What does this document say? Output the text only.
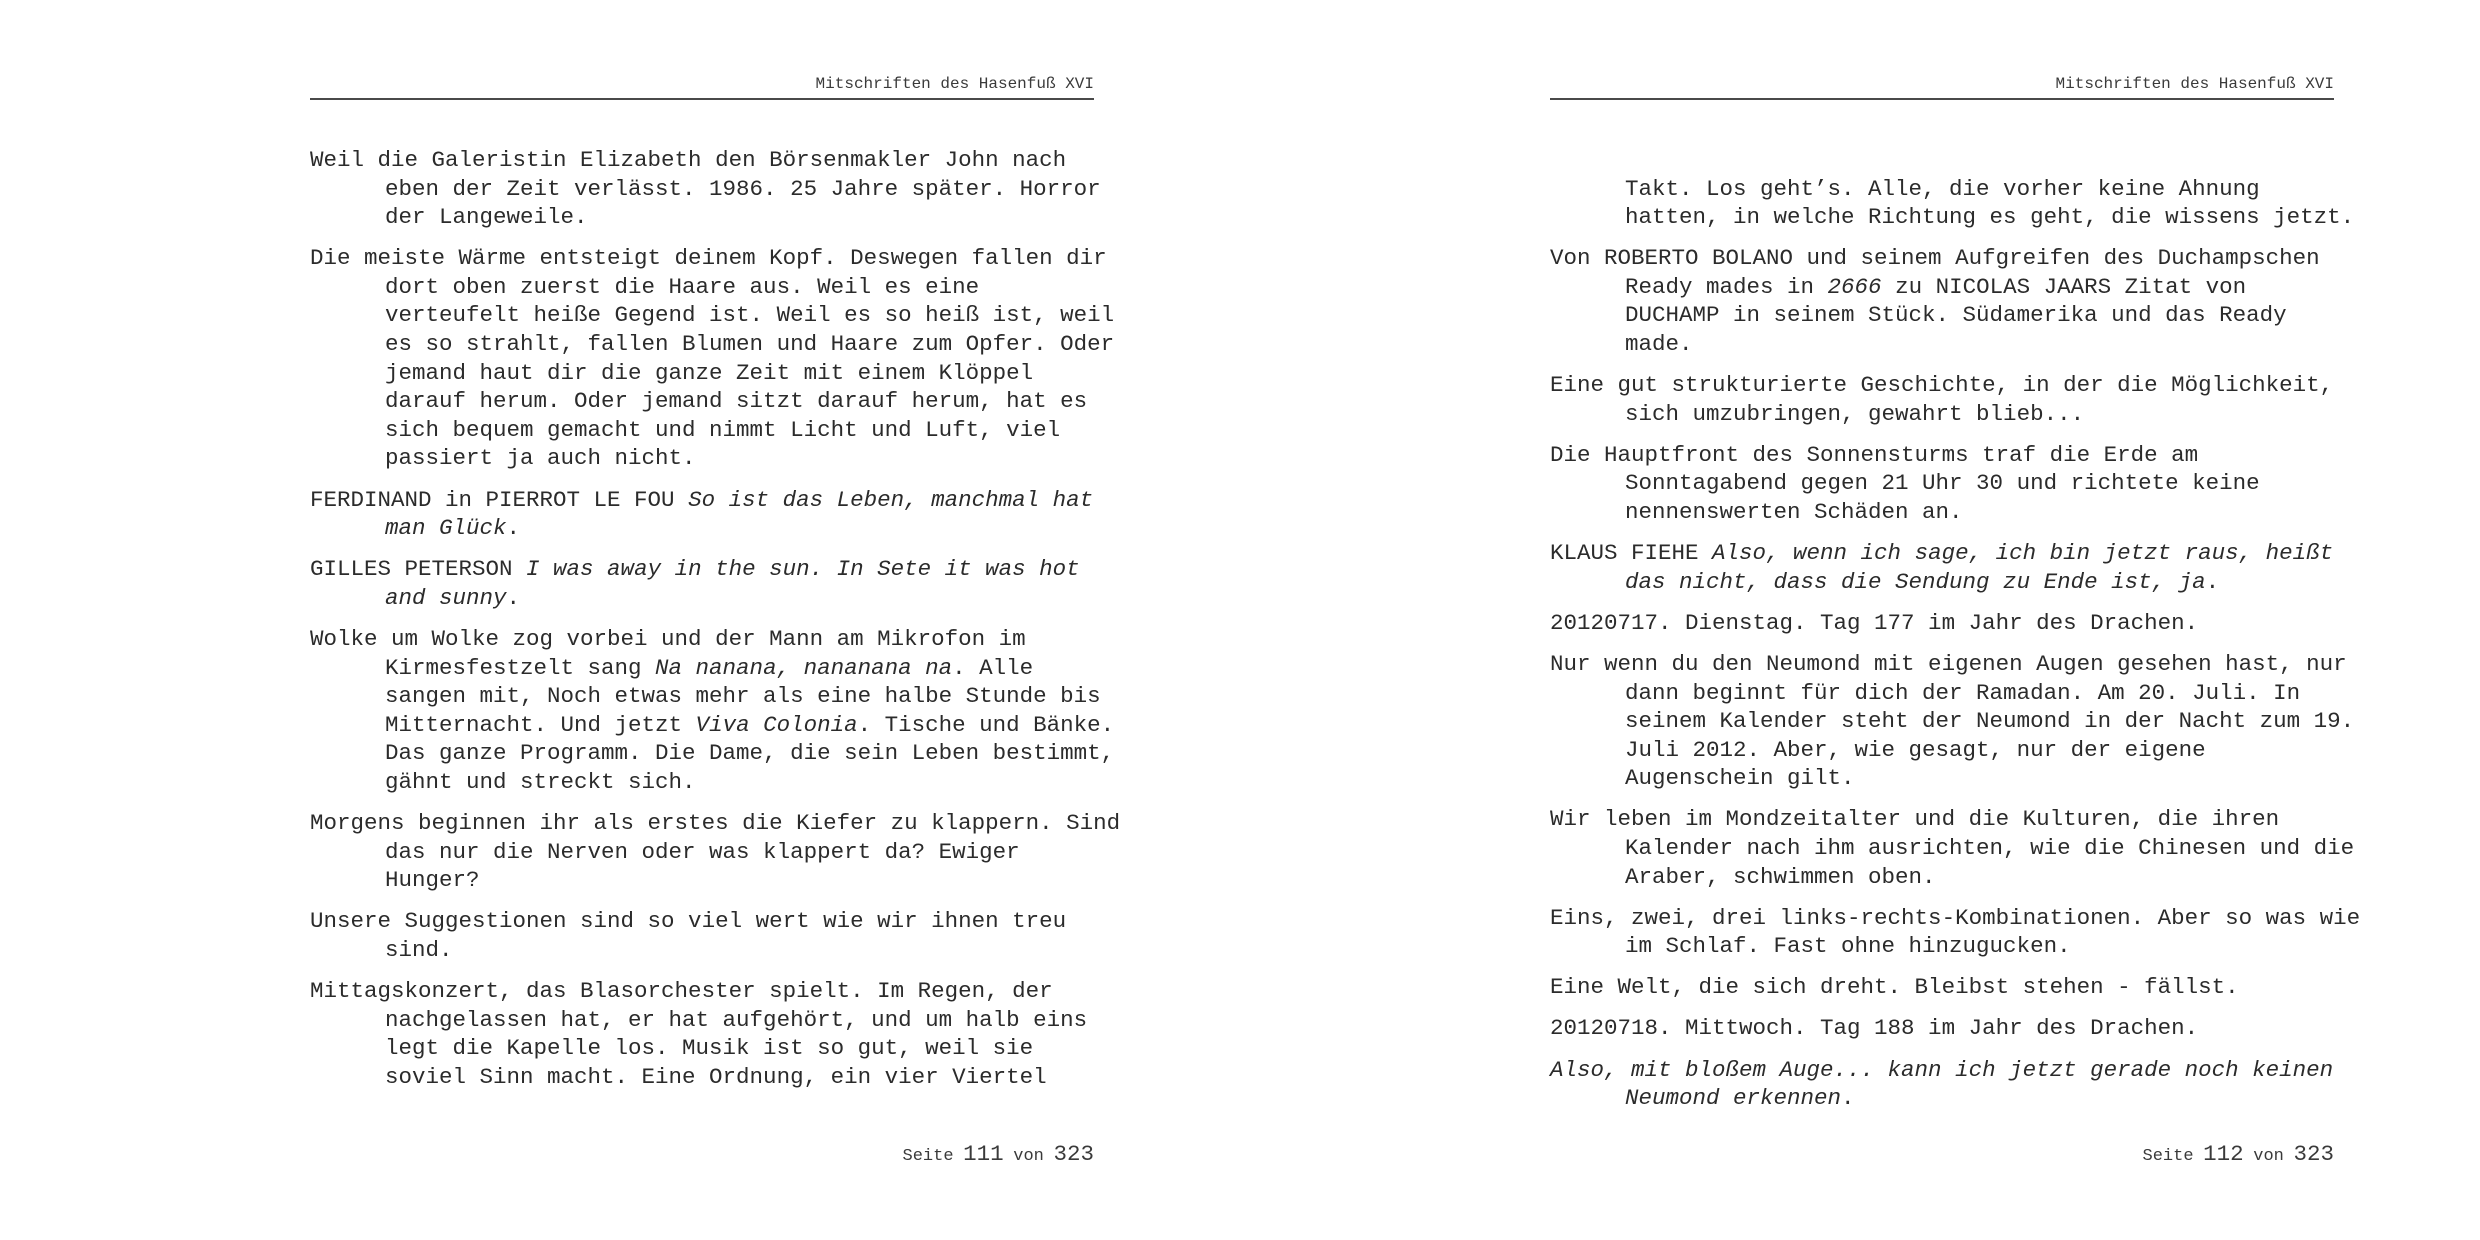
Mitschriften des Hasenfuß XVI
Weil die Galeristin Elizabeth den Börsenmakler John nach
eben der Zeit verlässt. 1986. 25 Jahre später. Horror
der Langeweile.
Die meiste Wärme entsteigt deinem Kopf. Deswegen fallen dir
dort oben zuerst die Haare aus. Weil es eine
verteufelt heiße Gegend ist. Weil es so heiß ist, weil
es so strahlt, fallen Blumen und Haare zum Opfer. Oder
jemand haut dir die ganze Zeit mit einem Klöppel
darauf herum. Oder jemand sitzt darauf herum, hat es
sich bequem gemacht und nimmt Licht und Luft, viel
passiert ja auch nicht.
FERDINAND in PIERROT LE FOU So ist das Leben, manchmal hat
man Glück.
GILLES PETERSON I was away in the sun. In Sete it was hot
and sunny.
Wolke um Wolke zog vorbei und der Mann am Mikrofon im
Kirmesfestzelt sang Na nanana, nananana na. Alle
sangen mit, Noch etwas mehr als eine halbe Stunde bis
Mitternacht. Und jetzt Viva Colonia. Tische und Bänke.
Das ganze Programm. Die Dame, die sein Leben bestimmt,
gähnt und streckt sich.
Morgens beginnen ihr als erstes die Kiefer zu klappern. Sind
das nur die Nerven oder was klappert da? Ewiger
Hunger?
Unsere Suggestionen sind so viel wert wie wir ihnen treu
sind.
Mittagskonzert, das Blasorchester spielt. Im Regen, der
nachgelassen hat, er hat aufgehört, und um halb eins
legt die Kapelle los. Musik ist so gut, weil sie
soviel Sinn macht. Eine Ordnung, ein vier Viertel
Seite 111 von 323
Mitschriften des Hasenfuß XVI
Takt. Los geht’s. Alle, die vorher keine Ahnung
hatten, in welche Richtung es geht, die wissens jetzt.
Von ROBERTO BOLANO und seinem Aufgreifen des Duchampschen
Ready mades in 2666 zu NICOLAS JAARS Zitat von
DUCHAMP in seinem Stück. Südamerika und das Ready
made.
Eine gut strukturierte Geschichte, in der die Möglichkeit,
sich umzubringen, gewahrt blieb...
Die Hauptfront des Sonnensturms traf die Erde am
Sonntagabend gegen 21 Uhr 30 und richtete keine
nennenswerten Schäden an.
KLAUS FIEHE Also, wenn ich sage, ich bin jetzt raus, heißt
das nicht, dass die Sendung zu Ende ist, ja.
20120717. Dienstag. Tag 177 im Jahr des Drachen.
Nur wenn du den Neumond mit eigenen Augen gesehen hast, nur
dann beginnt für dich der Ramadan. Am 20. Juli. In
seinem Kalender steht der Neumond in der Nacht zum 19.
Juli 2012. Aber, wie gesagt, nur der eigene
Augenschein gilt.
Wir leben im Mondzeitalter und die Kulturen, die ihren
Kalender nach ihm ausrichten, wie die Chinesen und die
Araber, schwimmen oben.
Eins, zwei, drei links-rechts-Kombinationen. Aber so was wie
im Schlaf. Fast ohne hinzugucken.
Eine Welt, die sich dreht. Bleibst stehen - fällst.
20120718. Mittwoch. Tag 188 im Jahr des Drachen.
Also, mit bloßem Auge... kann ich jetzt gerade noch keinen
Neumond erkennen.
Seite 112 von 323
